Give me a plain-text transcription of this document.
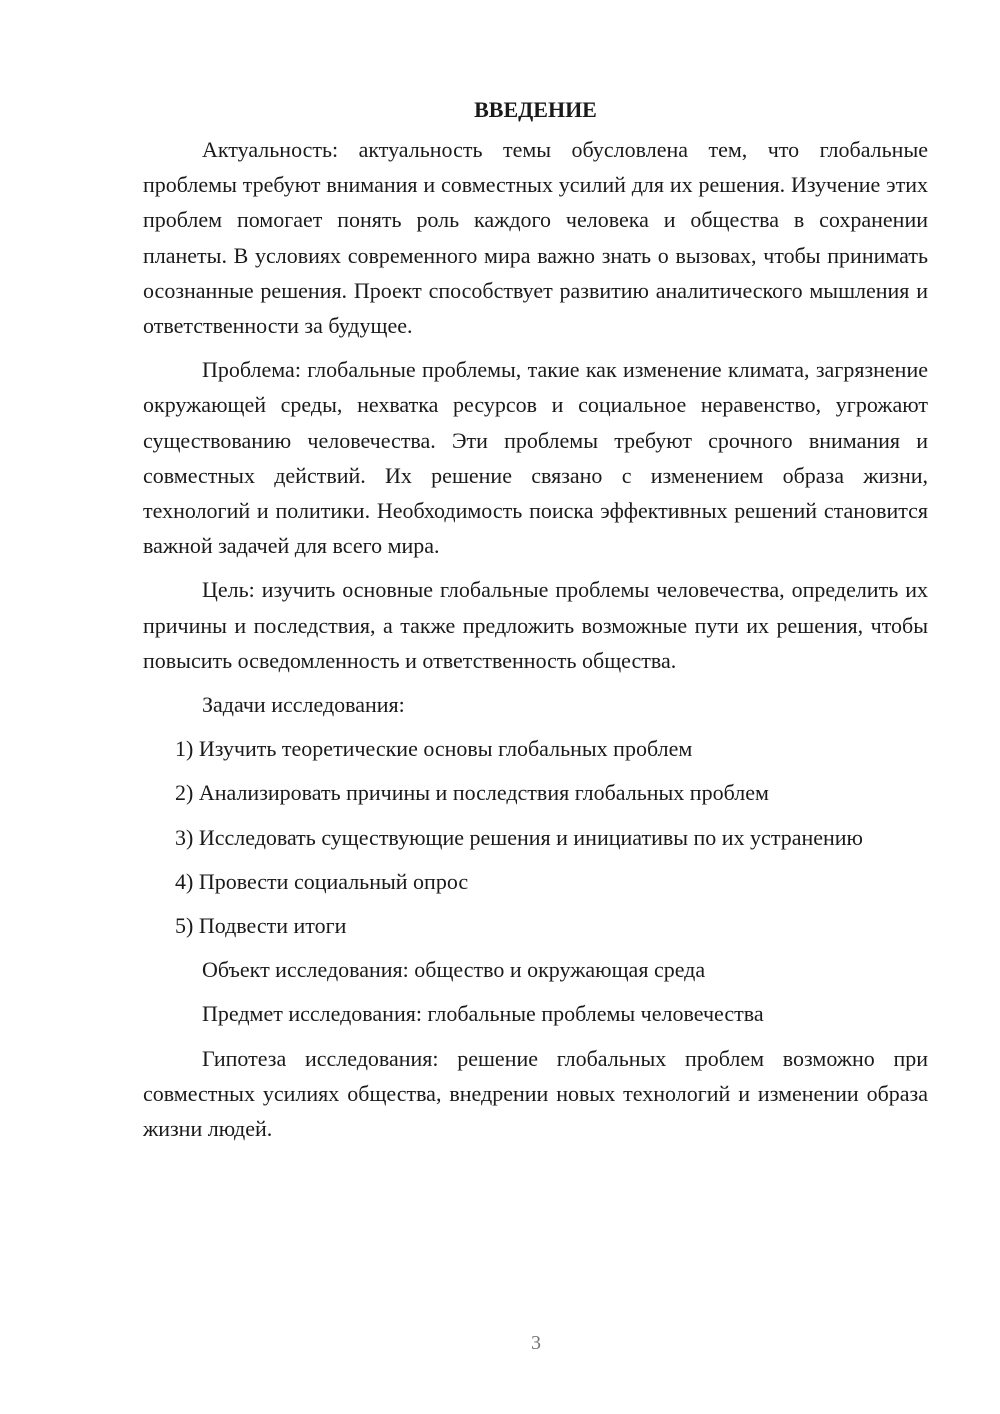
ВВЕДЕНИЕ

Актуальность: актуальность темы обусловлена тем, что глобальные проблемы требуют внимания и совместных усилий для их решения. Изучение этих проблем помогает понять роль каждого человека и общества в сохранении планеты. В условиях современного мира важно знать о вызовах, чтобы принимать осознанные решения. Проект способствует развитию аналитического мышления и ответственности за будущее.

Проблема: глобальные проблемы, такие как изменение климата, загрязнение окружающей среды, нехватка ресурсов и социальное неравенство, угрожают существованию человечества. Эти проблемы требуют срочного внимания и совместных действий. Их решение связано с изменением образа жизни, технологий и политики. Необходимость поиска эффективных решений становится важной задачей для всего мира.

Цель: изучить основные глобальные проблемы человечества, определить их причины и последствия, а также предложить возможные пути их решения, чтобы повысить осведомленность и ответственность общества.

Задачи исследования:

1) Изучить теоретические основы глобальных проблем

2) Анализировать причины и последствия глобальных проблем

3) Исследовать существующие решения и инициативы по их устранению

4) Провести социальный опрос

5) Подвести итоги

Объект исследования: общество и окружающая среда

Предмет исследования: глобальные проблемы человечества

Гипотеза исследования: решение глобальных проблем возможно при совместных усилиях общества, внедрении новых технологий и изменении образа жизни людей.

3
